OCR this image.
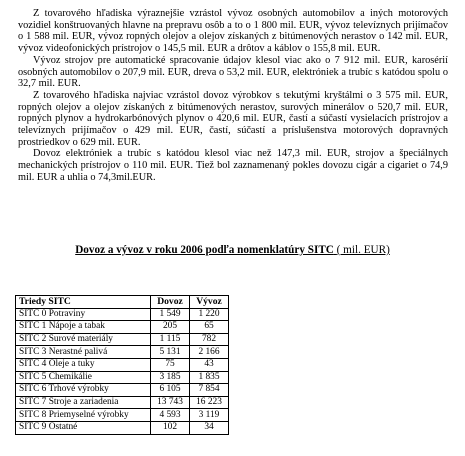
Z tovarového hľadiska výraznejšie vzrástol vývoz osobných automobilov a iných motorových vozidiel konštruovaných hlavne na prepravu osôb a to o 1 800 mil. EUR, vývoz televíznych prijímačov o 1 588 mil. EUR, vývoz ropných olejov a olejov získaných z bitúmenových nerastov o 142 mil. EUR, vývoz videofonických prístrojov o 145,5 mil. EUR a drôtov a káblov o 155,8 mil. EUR.

Vývoz strojov pre automatické spracovanie údajov klesol viac ako o 7 912 mil. EUR, karosérií osobných automobilov o 207,9 mil. EUR, dreva o 53,2 mil. EUR, elektróniek a trubíc s katódou spolu o 32,7 mil. EUR.

Z tovarového hľadiska najviac vzrástol dovoz výrobkov s tekutými kryštálmi o 3 575 mil. EUR, ropných olejov a olejov získaných z bitúmenových nerastov, surových minerálov o 520,7 mil. EUR, ropných plynov a hydrokarbónových plynov o 420,6 mil. EUR, častí a súčastí vysielacích prístrojov a televíznych prijímačov o 429 mil. EUR, častí, súčastí a príslušenstva motorových dopravných prostriedkov o 629 mil. EUR.

Dovoz elektróniek a trubíc s katódou klesol viac než 147,3 mil. EUR, strojov a špeciálnych mechanických prístrojov o 110 mil. EUR. Tiež bol zaznamenaný pokles dovozu cigár a cigariet o 74,9 mil. EUR a uhlia o 74,3mil.EUR.

Dovoz a vývoz v roku 2006 podľa nomenklatúry SITC ( mil. EUR)
Triedy SITC	Dovoz	Vývoz
SITC 0 Potraviny	1 549	1 220
SITC 1 Nápoje a tabak	205	65
SITC 2 Surové materiály	1 115	782
SITC 3 Nerastné palivá	5 131	2 166
SITC 4 Oleje a tuky	75	43
SITC 5 Chemikálie	3 185	1 835
SITC 6 Trhové výrobky	6 105	7 854
SITC 7 Stroje a zariadenia	13 743	16 223
SITC 8 Priemyselné výrobky	4 593	3 119
SITC 9 Ostatné	102	34
